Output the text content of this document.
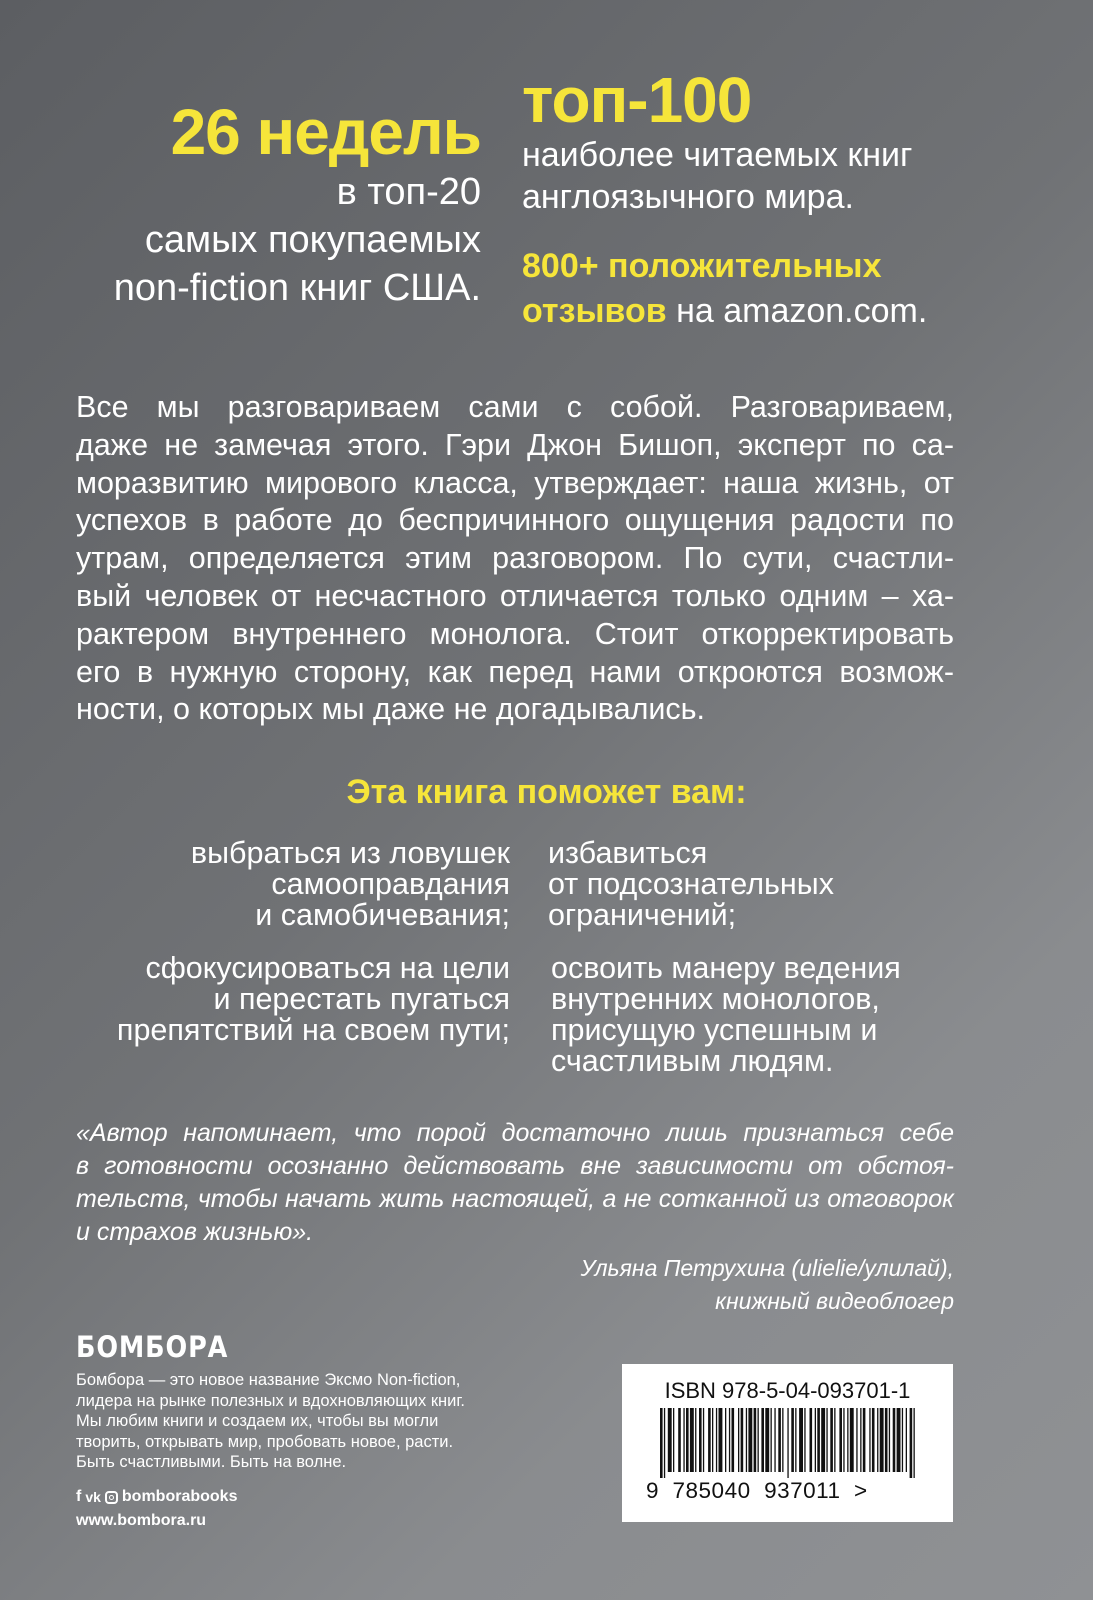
26 недель
в топ-20
самых покупаемых
non-fiction книг США.
топ-100
наиболее читаемых книг
англоязычного мира.
800+ положительных
отзывов на amazon.com.

Все мы разговариваем сами с собой. Разговариваем,

даже не замечая этого. Гэри Джон Бишоп, эксперт по са-

моразвитию мирового класса, утверждает: наша жизнь, от

успехов в работе до беспричинного ощущения радости по

утрам, определяется этим разговором. По сути, счастли-

вый человек от несчастного отличается только одним – ха-

рактером внутреннего монолога. Стоит откорректировать

его в нужную сторону, как перед нами откроются возмож-

ности, о которых мы даже не догадывались.

Эта книга поможет вам:
выбраться из ловушек
самооправдания
и самобичевания;
избавиться
от подсознательных
ограничений;
сфокусироваться на цели
и перестать пугаться
препятствий на своем пути;
освоить манеру ведения
внутренних монологов,
присущую успешным и
счастливым людям.
«Автор напоминает, что порой достаточно лишь признаться себе
в готовности осознанно действовать вне зависимости от обстоя-
тельств, чтобы начать жить настоящей, а не сотканной из отговорок
и страхов жизнью».
Ульяна Петрухина (ulielie/улилай),
книжный видеоблогер
БОМБОРА
Бомбора — это новое название Эксмо Non-fiction,
лидера на рынке полезных и вдохновляющих книг.
Мы любим книги и создаем их, чтобы вы могли
творить, открывать мир, пробовать новое, расти.
Быть счастливыми. Быть на волне.
f vk bomborabooks
www.bombora.ru
ISBN 978-5-04-093701-1
9  785040  937011  >
